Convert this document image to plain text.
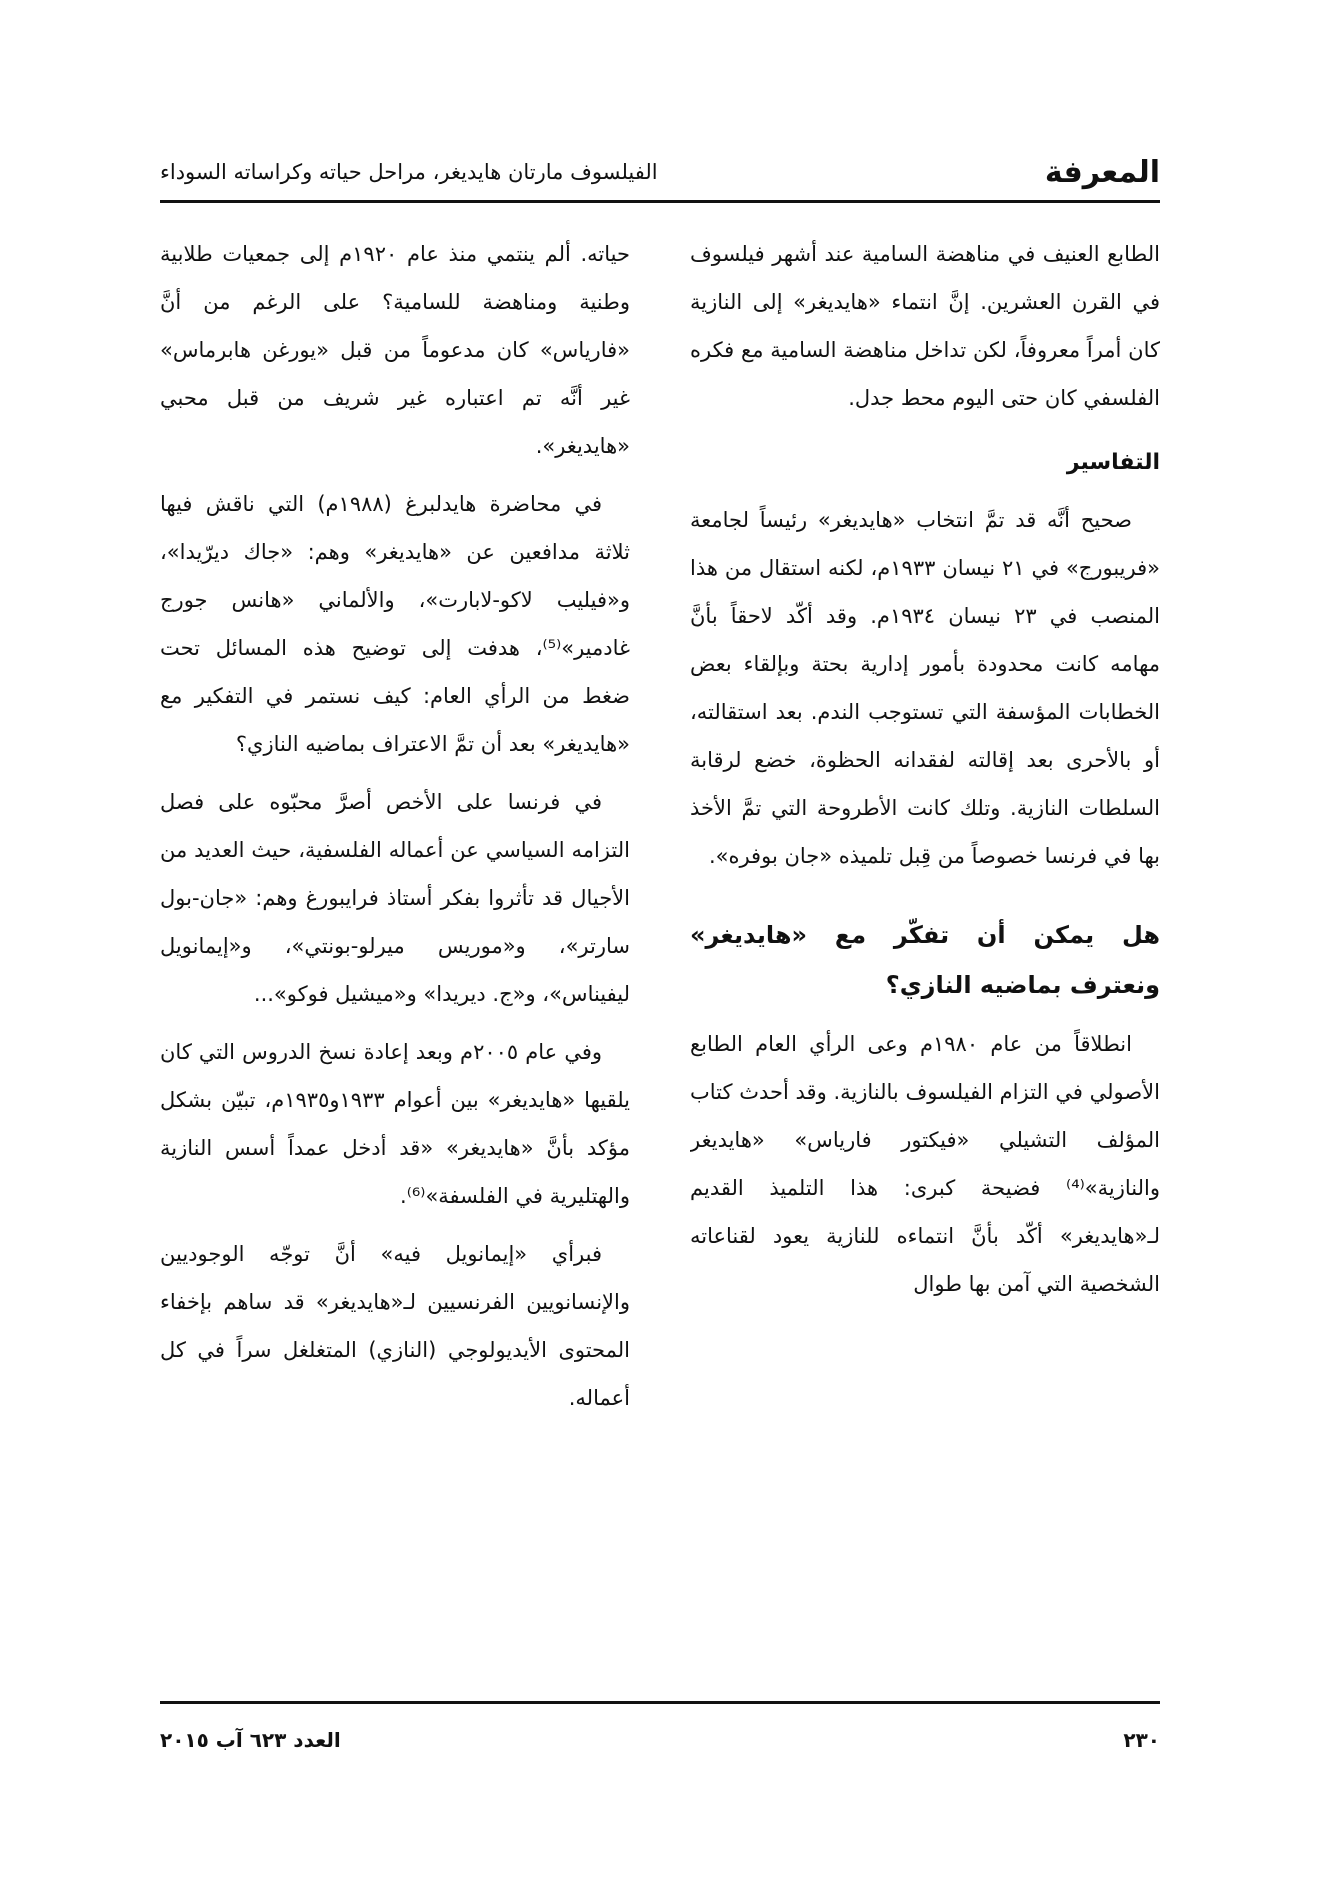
المعرفة
الفيلسوف مارتان هايديغر، مراحل حياته وكراساته السوداء

الطابع العنيف في مناهضة السامية عند أشهر فيلسوف في القرن العشرين. إنَّ انتماء «هايديغر» إلى النازية كان أمراً معروفاً، لكن تداخل مناهضة السامية مع فكره الفلسفي كان حتى اليوم محط جدل.

التفاسير

صحيح أنَّه قد تمَّ انتخاب «هايديغر» رئيساً لجامعة «فريبورج» في ٢١ نيسان ١٩٣٣م، لكنه استقال من هذا المنصب في ٢٣ نيسان ١٩٣٤م. وقد أكّد لاحقاً بأنَّ مهامه كانت محدودة بأمور إدارية بحتة وبإلقاء بعض الخطابات المؤسفة التي تستوجب الندم. بعد استقالته، أو بالأحرى بعد إقالته لفقدانه الحظوة، خضع لرقابة السلطات النازية. وتلك كانت الأطروحة التي تمَّ الأخذ بها في فرنسا خصوصاً من قِبل تلميذه «جان بوفره».

هل يمكن أن تفكّر مع «هايديغر» ونعترف بماضيه النازي؟

انطلاقاً من عام ١٩٨٠م وعى الرأي العام الطابع الأصولي في التزام الفيلسوف بالنازية. وقد أحدث كتاب المؤلف التشيلي «فيكتور فارياس» «هايديغر والنازية»⁽⁴⁾ فضيحة كبرى: هذا التلميذ القديم لـ«هايديغر» أكّد بأنَّ انتماءه للنازية يعود لقناعاته الشخصية التي آمن بها طوال

حياته. ألم ينتمي منذ عام ١٩٢٠م إلى جمعيات طلابية وطنية ومناهضة للسامية؟ على الرغم من أنَّ «فارياس» كان مدعوماً من قبل «يورغن هابرماس» غير أنَّه تم اعتباره غير شريف من قبل محبي «هايديغر».

في محاضرة هايدلبرغ (١٩٨٨م) التي ناقش فيها ثلاثة مدافعين عن «هايديغر» وهم: «جاك ديرّيدا»، و«فيليب لاكو-لابارت»، والألماني «هانس جورج غادمير»⁽⁵⁾، هدفت إلى توضيح هذه المسائل تحت ضغط من الرأي العام: كيف نستمر في التفكير مع «هايديغر» بعد أن تمَّ الاعتراف بماضيه النازي؟

في فرنسا على الأخص أصرَّ محبّوه على فصل التزامه السياسي عن أعماله الفلسفية، حيث العديد من الأجيال قد تأثروا بفكر أستاذ فرايبورغ وهم: «جان-بول سارتر»، و«موريس ميرلو-بونتي»، و«إيمانويل ليفيناس»، و«ج. ديريدا» و«ميشيل فوكو»...

وفي عام ٢٠٠٥م وبعد إعادة نسخ الدروس التي كان يلقيها «هايديغر» بين أعوام ١٩٣٣و١٩٣٥م، تبيّن بشكل مؤكد بأنَّ «هايديغر» «قد أدخل عمداً أسس النازية والهتليرية في الفلسفة»⁽⁶⁾.

فبرأي «إيمانويل فيه» أنَّ توجّه الوجوديين والإنسانويين الفرنسيين لـ«هايديغر» قد ساهم بإخفاء المحتوى الأيديولوجي (النازي) المتغلغل سراً في كل أعماله.

٢٣٠
العدد ٦٢٣ آب ٢٠١٥
